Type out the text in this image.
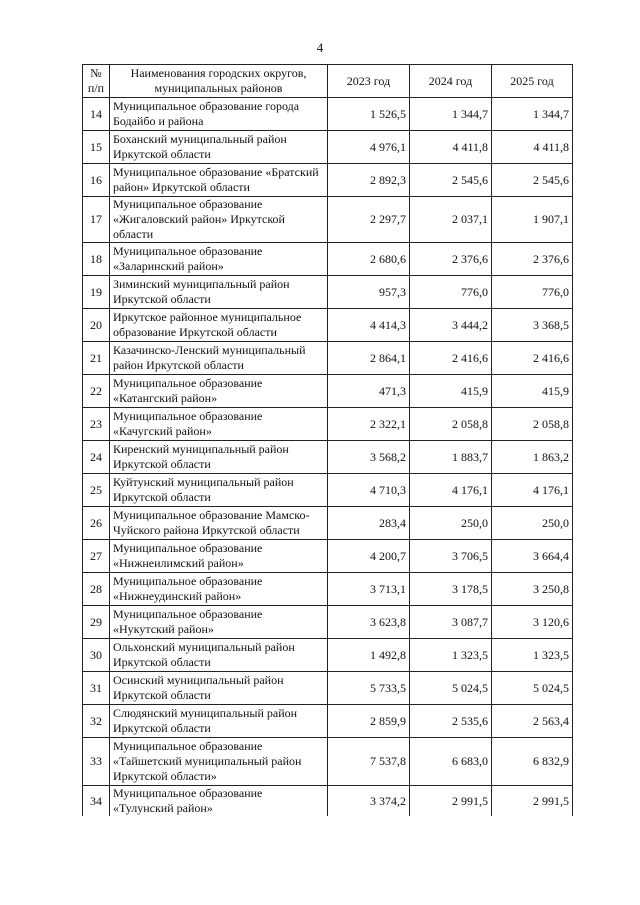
4
№ п/п	Наименования городских округов, муниципальных районов	2023 год	2024 год	2025 год
14	Муниципальное образование города Бодайбо и района	1 526,5	1 344,7	1 344,7
15	Боханский муниципальный район Иркутской области	4 976,1	4 411,8	4 411,8
16	Муниципальное образование «Братский район» Иркутской области	2 892,3	2 545,6	2 545,6
17	Муниципальное образование «Жигаловский район» Иркутской области	2 297,7	2 037,1	1 907,1
18	Муниципальное образование «Заларинский район»	2 680,6	2 376,6	2 376,6
19	Зиминский муниципальный район Иркутской области	957,3	776,0	776,0
20	Иркутское районное муниципальное образование Иркутской области	4 414,3	3 444,2	3 368,5
21	Казачинско-Ленский муниципальный район Иркутской области	2 864,1	2 416,6	2 416,6
22	Муниципальное образование «Катангский район»	471,3	415,9	415,9
23	Муниципальное образование «Качугский район»	2 322,1	2 058,8	2 058,8
24	Киренский муниципальный район Иркутской области	3 568,2	1 883,7	1 863,2
25	Куйтунский муниципальный район Иркутской области	4 710,3	4 176,1	4 176,1
26	Муниципальное образование Мамско-Чуйского района Иркутской области	283,4	250,0	250,0
27	Муниципальное образование «Нижнеилимский район»	4 200,7	3 706,5	3 664,4
28	Муниципальное образование «Нижнеудинский район»	3 713,1	3 178,5	3 250,8
29	Муниципальное образование «Нукутский район»	3 623,8	3 087,7	3 120,6
30	Ольхонский муниципальный район Иркутской области	1 492,8	1 323,5	1 323,5
31	Осинский муниципальный район Иркутской области	5 733,5	5 024,5	5 024,5
32	Слюдянский муниципальный район Иркутской области	2 859,9	2 535,6	2 563,4
33	Муниципальное образование «Тайшетский муниципальный район Иркутской области»	7 537,8	6 683,0	6 832,9
34	Муниципальное образование «Тулунский район»	3 374,2	2 991,5	2 991,5
